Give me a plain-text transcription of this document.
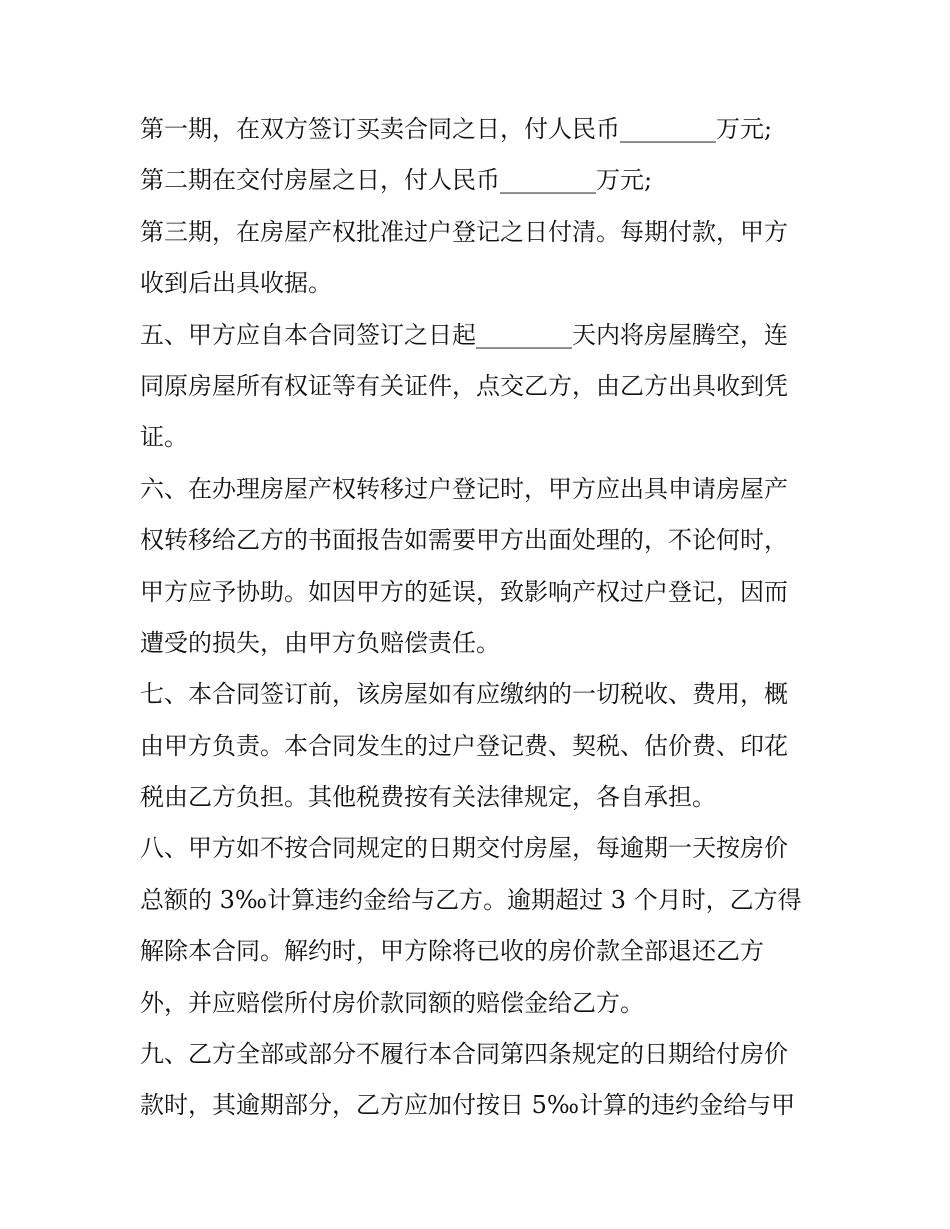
第一期，在双方签订买卖合同之日，付人民币________万元;
第二期在交付房屋之日，付人民币________万元;
第三期，在房屋产权批准过户登记之日付清。每期付款，甲方
收到后出具收据。
五、甲方应自本合同签订之日起________天内将房屋腾空，连
同原房屋所有权证等有关证件，点交乙方，由乙方出具收到凭
证。
六、在办理房屋产权转移过户登记时，甲方应出具申请房屋产
权转移给乙方的书面报告如需要甲方出面处理的，不论何时，
甲方应予协助。如因甲方的延误，致影响产权过户登记，因而
遭受的损失，由甲方负赔偿责任。
七、本合同签订前，该房屋如有应缴纳的一切税收、费用，概
由甲方负责。本合同发生的过户登记费、契税、估价费、印花
税由乙方负担。其他税费按有关法律规定，各自承担。
八、甲方如不按合同规定的日期交付房屋，每逾期一天按房价
总额的 3‰计算违约金给与乙方。逾期超过 3 个月时，乙方得
解除本合同。解约时，甲方除将已收的房价款全部退还乙方
外，并应赔偿所付房价款同额的赔偿金给乙方。
九、乙方全部或部分不履行本合同第四条规定的日期给付房价
款时，其逾期部分，乙方应加付按日 5‰计算的违约金给与甲
